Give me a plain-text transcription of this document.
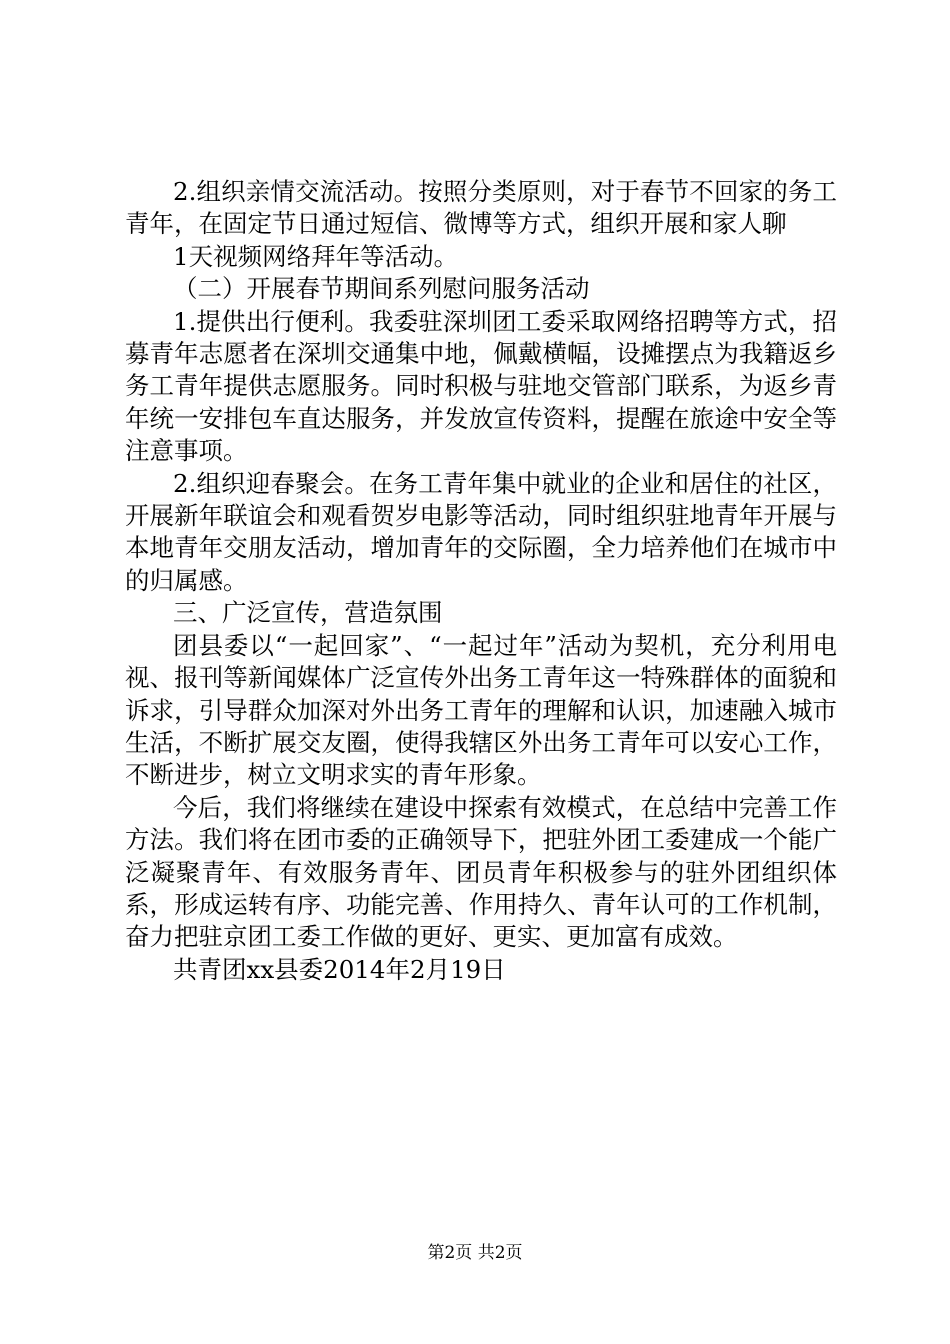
2.组织亲情交流活动。按照分类原则，对于春节不回家的务工青年，在固定节日通过短信、微博等方式，组织开展和家人聊

1天视频网络拜年等活动。

（二）开展春节期间系列慰问服务活动

1.提供出行便利。我委驻深圳团工委采取网络招聘等方式，招募青年志愿者在深圳交通集中地，佩戴横幅，设摊摆点为我籍返乡务工青年提供志愿服务。同时积极与驻地交管部门联系，为返乡青年统一安排包车直达服务，并发放宣传资料，提醒在旅途中安全等注意事项。

2.组织迎春聚会。在务工青年集中就业的企业和居住的社区，开展新年联谊会和观看贺岁电影等活动，同时组织驻地青年开展与本地青年交朋友活动，增加青年的交际圈，全力培养他们在城市中的归属感。

三、广泛宣传，营造氛围

团县委以“一起回家”、“一起过年”活动为契机，充分利用电视、报刊等新闻媒体广泛宣传外出务工青年这一特殊群体的面貌和诉求，引导群众加深对外出务工青年的理解和认识，加速融入城市生活，不断扩展交友圈，使得我辖区外出务工青年可以安心工作，不断进步，树立文明求实的青年形象。

今后，我们将继续在建设中探索有效模式，在总结中完善工作方法。我们将在团市委的正确领导下，把驻外团工委建成一个能广泛凝聚青年、有效服务青年、团员青年积极参与的驻外团组织体系，形成运转有序、功能完善、作用持久、青年认可的工作机制，奋力把驻京团工委工作做的更好、更实、更加富有成效。

共青团xx县委2014年2月19日

第2页 共2页
